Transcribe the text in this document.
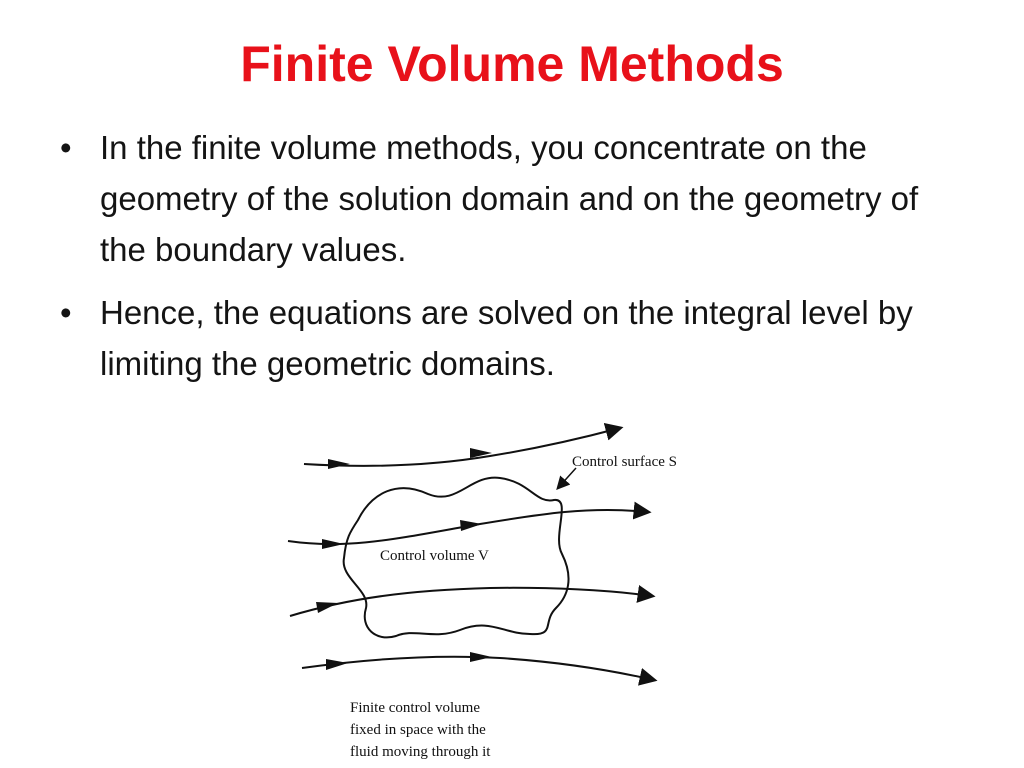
Finite Volume Methods
• In the finite volume methods, you concentrate on the geometry of the solution domain and on the geometry of the boundary values.
• Hence, the equations are solved on the integral level by limiting the geometric domains.
Control surface S
Control volume V
Finite control volume
fixed in space with the
fluid moving through it
